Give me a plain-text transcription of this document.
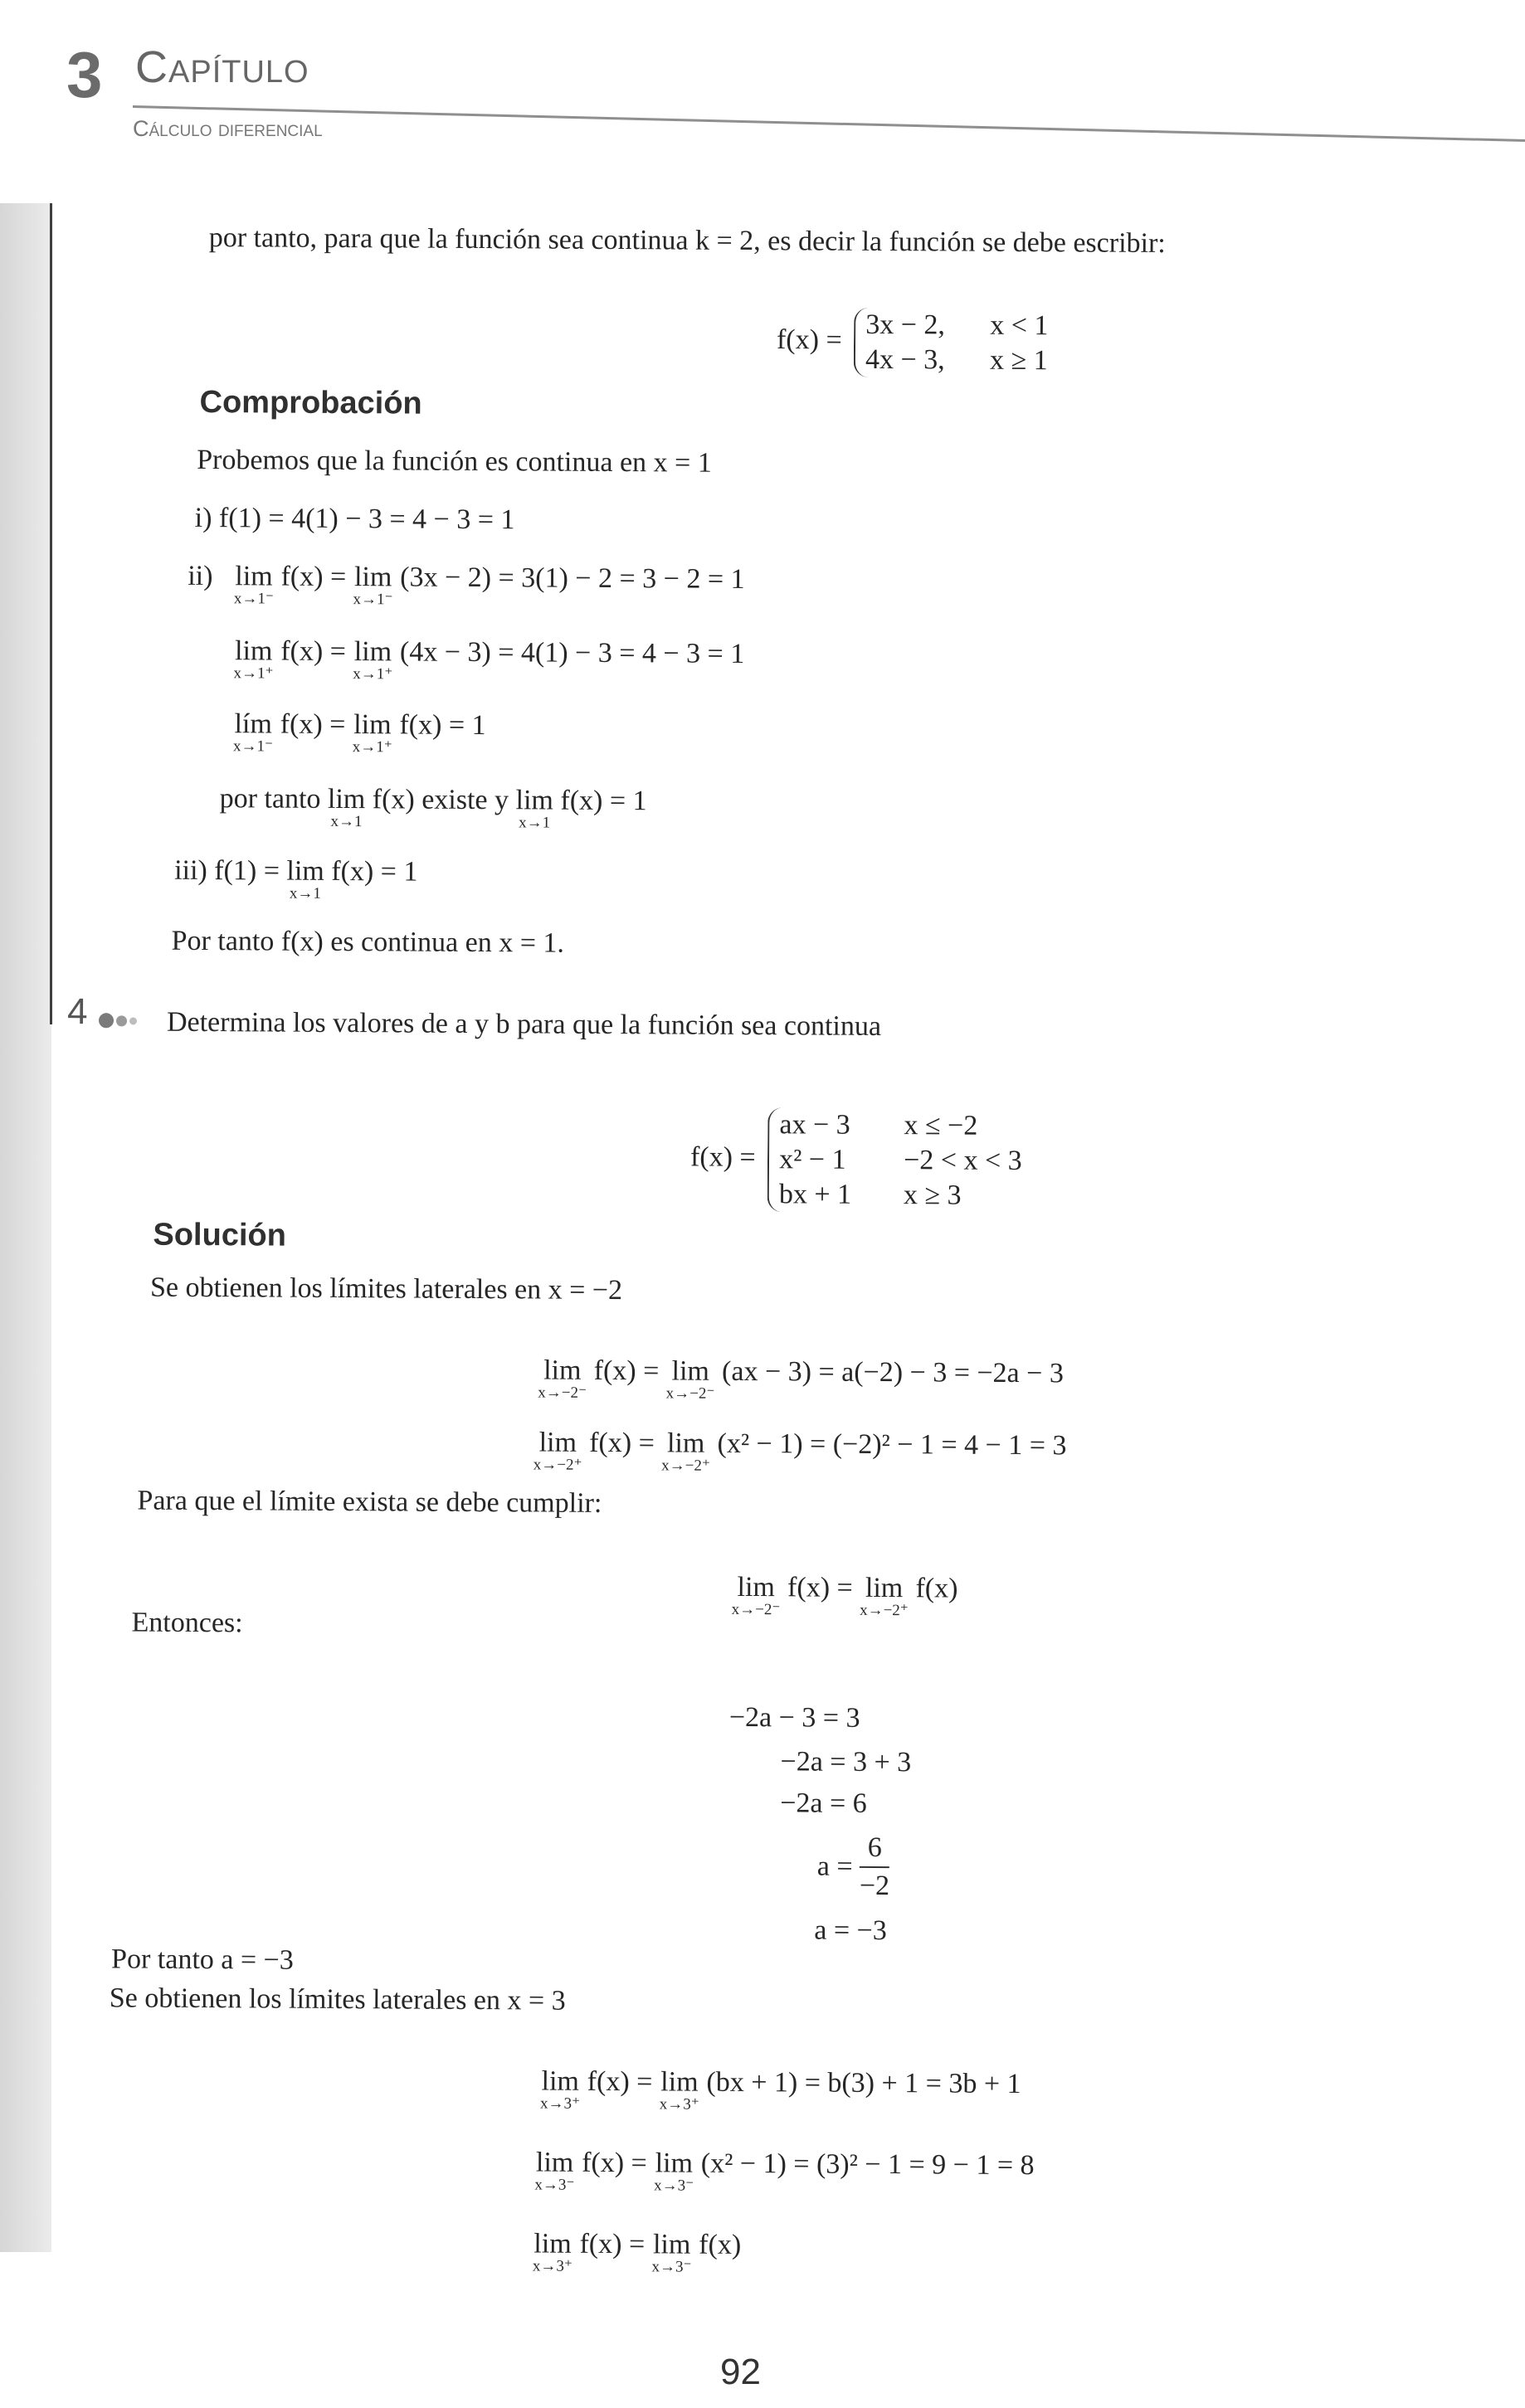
3 Capítulo
Cálculo diferencial
por tanto, para que la función sea continua k = 2, es decir la función se debe escribir:
f(x) = 3x − 2, x < 1
4x − 3, x ≥ 1
Comprobación
Probemos que la función es continua en x = 1
i) f(1) = 4(1) − 3 = 4 − 3 = 1
ii) lim
x→1⁻
f(x) = lim
x→1⁻
(3x − 2) = 3(1) − 2 = 3 − 2 = 1
lim
x→1⁺
f(x) = lim
x→1⁺
(4x − 3) = 4(1) − 3 = 4 − 3 = 1
lím
x→1⁻
f(x) = lim
x→1⁺
f(x) = 1
por tanto lim
x→1
f(x) existe y lim
x→1
f(x) = 1
iii) f(1) = lim
x→1
f(x) = 1
Por tanto f(x) es continua en x = 1.
4	Determina los valores de a y b para que la función sea continua
f(x) =
ax − 3 x ≤ −2
x² − 1 −2 < x < 3
bx + 1 x ≥ 3
Solución
Se obtienen los límites laterales en x = −2
lim
x→−2⁻
f(x) = lim
x→−2⁻
(ax − 3) = a(−2) − 3 = −2a − 3
lim
x→−2⁺
f(x) = lim
x→−2⁺
(x² − 1) = (−2)² − 1 = 4 − 1 = 3
Para que el límite exista se debe cumplir:
lim
x→−2⁻
f(x) = lim
x→−2⁺
f(x)
Entonces:
−2a − 3 = 3
−2a = 3 + 3
−2a = 6
$a = \frac{6}{-2}$
a = −3
Por tanto a = −3
Se obtienen los límites laterales en x = 3
lim
x→3⁺
f(x) = lim
x→3⁺
(bx + 1) = b(3) + 1 = 3b + 1
lim
x→3⁻
f(x) = lim
x→3⁻
(x² − 1) = (3)² − 1 = 9 − 1 = 8
lim
x→3⁺
f(x) = lim
x→3⁻
f(x)
92
